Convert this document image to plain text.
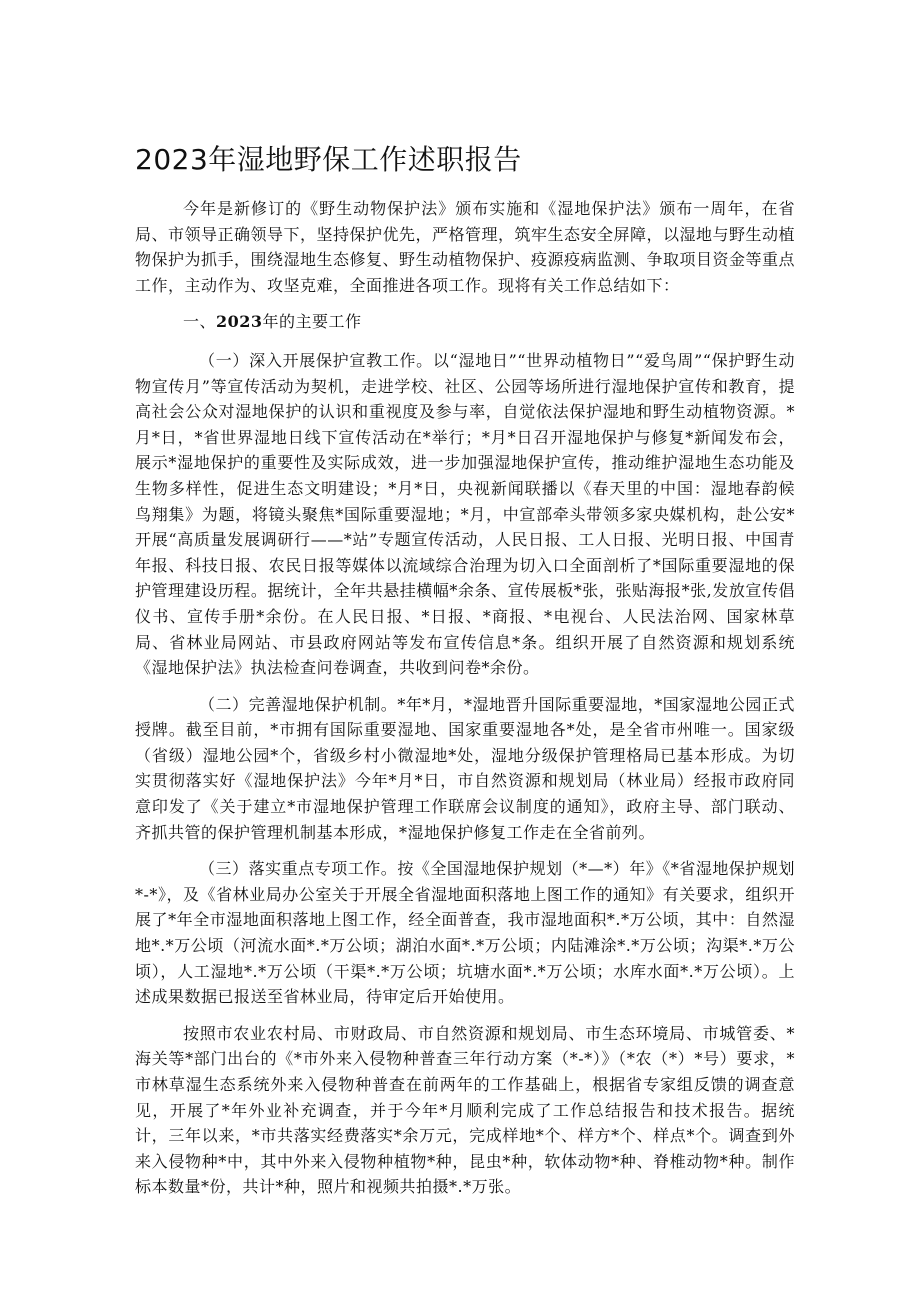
2023年湿地野保工作述职报告

今年是新修订的《野生动物保护法》颁布实施和《湿地保护法》颁布一周年，在省局、市领导正确领导下，坚持保护优先，严格管理，筑牢生态安全屏障，以湿地与野生动植物保护为抓手，围绕湿地生态修复、野生动植物保护、疫源疫病监测、争取项目资金等重点工作，主动作为、攻坚克难，全面推进各项工作。现将有关工作总结如下：

一、2023年的主要工作

（一）深入开展保护宣教工作。以“湿地日”“世界动植物日”“爱鸟周”“保护野生动物宣传月”等宣传活动为契机，走进学校、社区、公园等场所进行湿地保护宣传和教育，提高社会公众对湿地保护的认识和重视度及参与率，自觉依法保护湿地和野生动植物资源。*月*日，*省世界湿地日线下宣传活动在*举行；*月*日召开湿地保护与修复*新闻发布会，展示*湿地保护的重要性及实际成效，进一步加强湿地保护宣传，推动维护湿地生态功能及生物多样性，促进生态文明建设；*月*日，央视新闻联播以《春天里的中国：湿地春韵候鸟翔集》为题，将镜头聚焦*国际重要湿地；*月，中宣部牵头带领多家央媒机构，赴公安*开展“高质量发展调研行——*站”专题宣传活动，人民日报、工人日报、光明日报、中国青年报、科技日报、农民日报等媒体以流域综合治理为切入口全面剖析了*国际重要湿地的保护管理建设历程。据统计，全年共悬挂横幅*余条、宣传展板*张，张贴海报*张,发放宣传倡仪书、宣传手册*余份。在人民日报、*日报、*商报、*电视台、人民法治网、国家林草局、省林业局网站、市县政府网站等发布宣传信息*条。组织开展了自然资源和规划系统《湿地保护法》执法检查问卷调查，共收到问卷*余份。

（二）完善湿地保护机制。*年*月，*湿地晋升国际重要湿地，*国家湿地公园正式授牌。截至目前，*市拥有国际重要湿地、国家重要湿地各*处，是全省市州唯一。国家级（省级）湿地公园*个，省级乡村小微湿地*处，湿地分级保护管理格局已基本形成。为切实贯彻落实好《湿地保护法》今年*月*日，市自然资源和规划局（林业局）经报市政府同意印发了《关于建立*市湿地保护管理工作联席会议制度的通知》，政府主导、部门联动、齐抓共管的保护管理机制基本形成，*湿地保护修复工作走在全省前列。

（三）落实重点专项工作。按《全国湿地保护规划（*—*）年》《*省湿地保护规划*-*》，及《省林业局办公室关于开展全省湿地面积落地上图工作的通知》有关要求，组织开展了*年全市湿地面积落地上图工作，经全面普查，我市湿地面积*.*万公顷，其中：自然湿地*.*万公顷（河流水面*.*万公顷；湖泊水面*.*万公顷；内陆滩涂*.*万公顷；沟渠*.*万公顷），人工湿地*.*万公顷（干渠*.*万公顷；坑塘水面*.*万公顷；水库水面*.*万公顷）。上述成果数据已报送至省林业局，待审定后开始使用。

按照市农业农村局、市财政局、市自然资源和规划局、市生态环境局、市城管委、*海关等*部门出台的《*市外来入侵物种普查三年行动方案（*-*）》（*农（*）*号）要求，*市林草湿生态系统外来入侵物种普查在前两年的工作基础上，根据省专家组反馈的调查意见，开展了*年外业补充调查，并于今年*月顺利完成了工作总结报告和技术报告。据统计，三年以来，*市共落实经费落实*余万元，完成样地*个、样方*个、样点*个。调查到外来入侵物种*中，其中外来入侵物种植物*种，昆虫*种，软体动物*种、脊椎动物*种。制作标本数量*份，共计*种，照片和视频共拍摄*.*万张。
